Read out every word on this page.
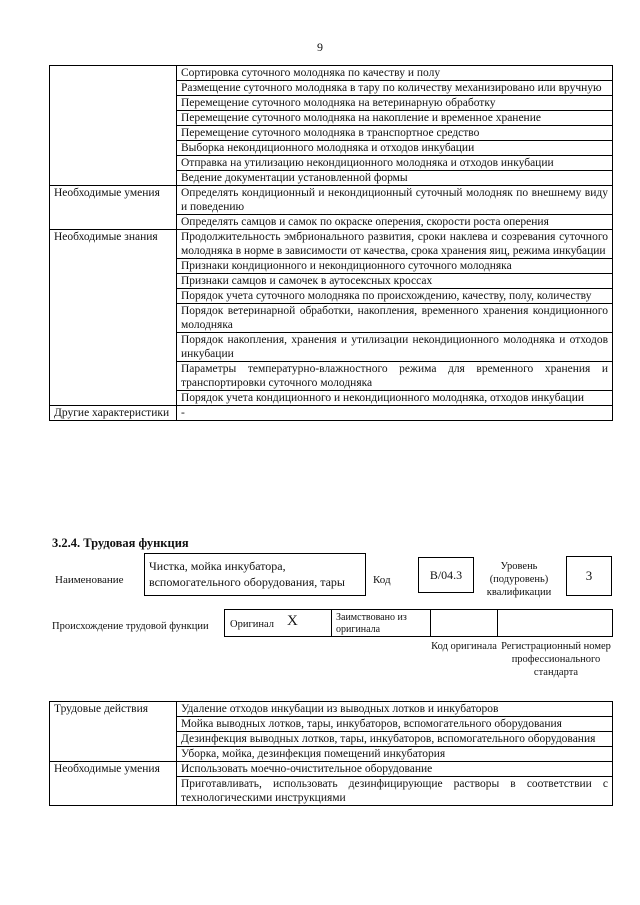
9
	Сортировка суточного молодняка по качеству и полу
	Размещение суточного молодняка в тару по количеству механизировано или вручную
	Перемещение суточного молодняка на ветеринарную обработку
	Перемещение суточного молодняка на накопление и временное хранение
	Перемещение суточного молодняка в транспортное средство
	Выборка некондиционного молодняка и отходов инкубации
	Отправка на утилизацию некондиционного молодняка и отходов инкубации
	Ведение документации установленной формы
Необходимые умения	Определять кондиционный и некондиционный суточный молодняк по внешнему виду и поведению
	Определять самцов и самок по окраске оперения, скорости роста оперения
Необходимые знания	Продолжительность эмбрионального развития, сроки наклева и созревания суточного молодняка в норме в зависимости от качества, срока хранения яиц, режима инкубации
	Признаки кондиционного и некондиционного суточного молодняка
	Признаки самцов и самочек в аутосексных кроссах
	Порядок учета суточного молодняка по происхождению, качеству, полу, количеству
	Порядок ветеринарной обработки, накопления, временного хранения кондиционного молодняка
	Порядок накопления, хранения и утилизации некондиционного молодняка и отходов инкубации
	Параметры температурно-влажностного режима для временного хранения и транспортировки суточного молодняка
	Порядок учета кондиционного и некондиционного молодняка, отходов инкубации
Другие характеристики	-
3.2.4. Трудовая функция
Наименование
Чистка, мойка инкубатора, вспомогательного оборудования, тары	Код	В/04.3
Уровень (подуровень) квалификации
3
Происхождение трудовой функции Оригинал X	Заимствовано из оригинала
Код оригинала Регистрационный номер профессионального стандарта
Трудовые действия	Удаление отходов инкубации из выводных лотков и инкубаторов
	Мойка выводных лотков, тары, инкубаторов, вспомогательного оборудования
	Дезинфекция выводных лотков, тары, инкубаторов, вспомогательного оборудования
	Уборка, мойка, дезинфекция помещений инкубатория
Необходимые умения	Использовать моечно-очистительное оборудование
	Приготавливать, использовать дезинфицирующие растворы в соответствии с технологическими инструкциями
